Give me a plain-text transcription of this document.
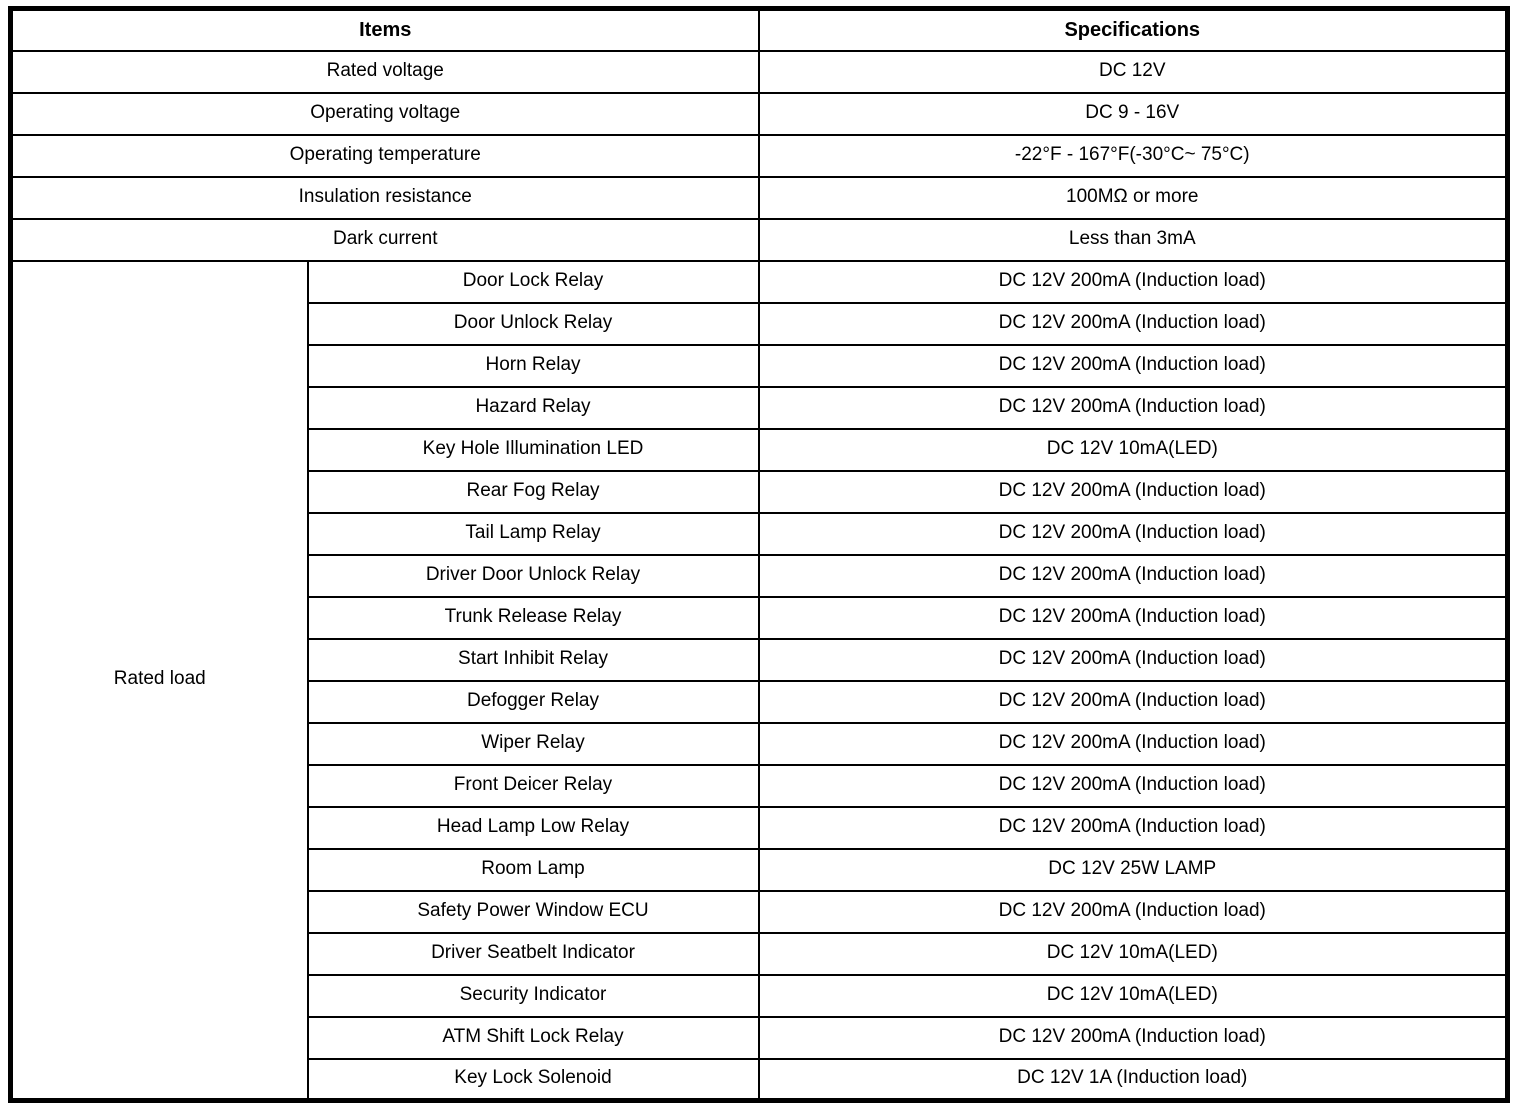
Items		Specifications
Rated voltage		DC 12V
Operating voltage		DC 9 - 16V
Operating temperature		-22°F - 167°F(-30°C~ 75°C)
Insulation resistance		100MΩ or more
Dark current		Less than 3mA
Rated load	Door Lock Relay	DC 12V 200mA (Induction load)
	Door Unlock Relay	DC 12V 200mA (Induction load)
	Horn Relay	DC 12V 200mA (Induction load)
	Hazard Relay	DC 12V 200mA (Induction load)
	Key Hole Illumination LED	DC 12V 10mA(LED)
	Rear Fog Relay	DC 12V 200mA (Induction load)
	Tail Lamp Relay	DC 12V 200mA (Induction load)
	Driver Door Unlock Relay	DC 12V 200mA (Induction load)
	Trunk Release Relay	DC 12V 200mA (Induction load)
	Start Inhibit Relay	DC 12V 200mA (Induction load)
	Defogger Relay	DC 12V 200mA (Induction load)
	Wiper Relay	DC 12V 200mA (Induction load)
	Front Deicer Relay	DC 12V 200mA (Induction load)
	Head Lamp Low Relay	DC 12V 200mA (Induction load)
	Room Lamp	DC 12V 25W LAMP
	Safety Power Window ECU	DC 12V 200mA (Induction load)
	Driver Seatbelt Indicator	DC 12V 10mA(LED)
	Security Indicator	DC 12V 10mA(LED)
	ATM Shift Lock Relay	DC 12V 200mA (Induction load)
	Key Lock Solenoid	DC 12V 1A (Induction load)
